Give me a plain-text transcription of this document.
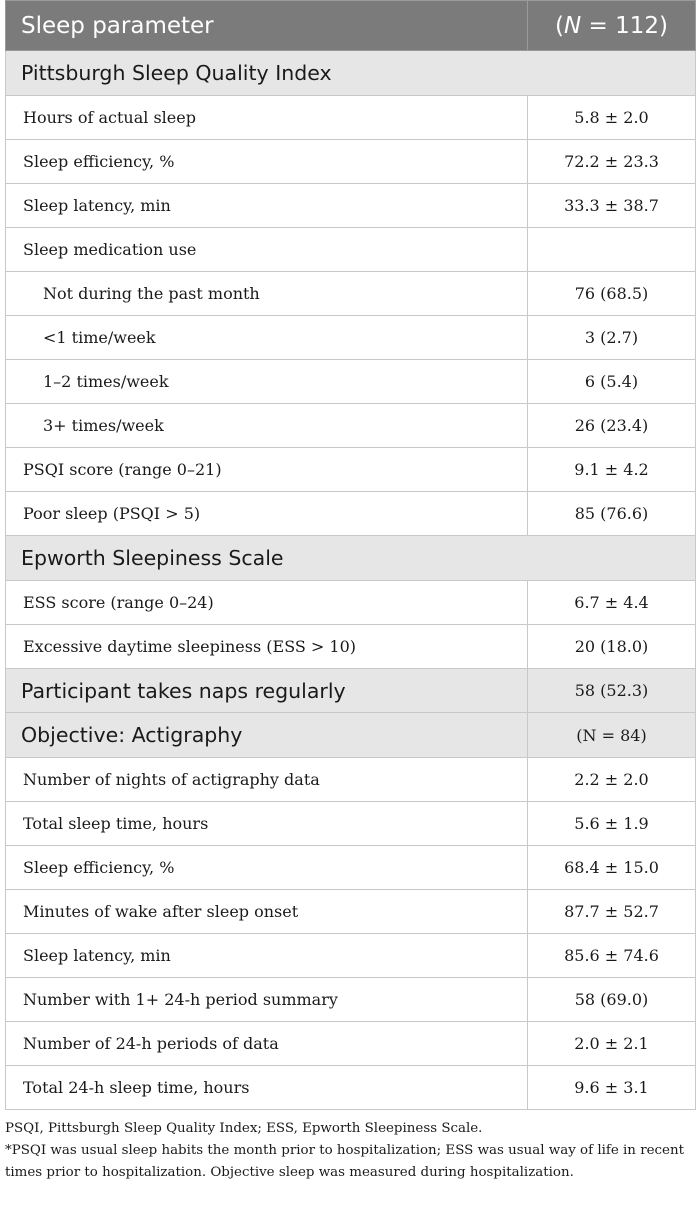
Sleep parameter	(N = 112)
Pittsburgh Sleep Quality Index	
Hours of actual sleep	5.8 ± 2.0
Sleep efficiency, %	72.2 ± 23.3
Sleep latency, min	33.3 ± 38.7
Sleep medication use	
Not during the past month	76 (68.5)
<1 time/week	3 (2.7)
1–2 times/week	6 (5.4)
3+ times/week	26 (23.4)
PSQI score (range 0–21)	9.1 ± 4.2
Poor sleep (PSQI > 5)	85 (76.6)
Epworth Sleepiness Scale	
ESS score (range 0–24)	6.7 ± 4.4
Excessive daytime sleepiness (ESS > 10)	20 (18.0)
Participant takes naps regularly	58 (52.3)
Objective: Actigraphy	(N = 84)
Number of nights of actigraphy data	2.2 ± 2.0
Total sleep time, hours	5.6 ± 1.9
Sleep efficiency, %	68.4 ± 15.0
Minutes of wake after sleep onset	87.7 ± 52.7
Sleep latency, min	85.6 ± 74.6
Number with 1+ 24-h period summary	58 (69.0)
Number of 24-h periods of data	2.0 ± 2.1
Total 24-h sleep time, hours	9.6 ± 3.1

PSQI, Pittsburgh Sleep Quality Index; ESS, Epworth Sleepiness Scale.

*PSQI was usual sleep habits the month prior to hospitalization; ESS was usual way of life in recent times prior to hospitalization. Objective sleep was measured during hospitalization.
